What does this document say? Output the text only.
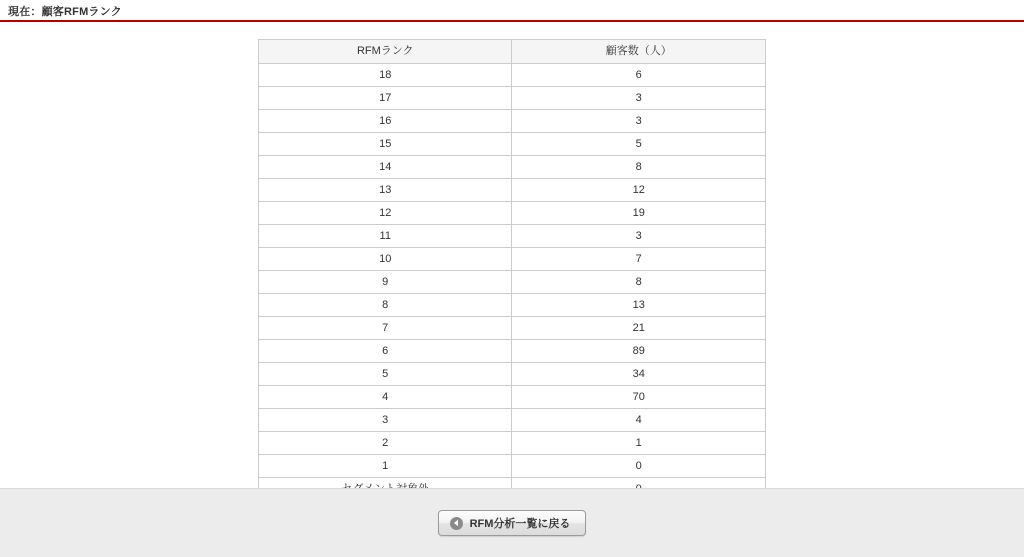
現在：顧客RFMランク
RFMランク	顧客数（人）
18	6
17	3
16	3
15	5
14	8
13	12
12	19
11	3
10	7
9	8
8	13
7	21
6	89
5	34
4	70
3	4
2	1
1	0

RFM分析一覧に戻る
